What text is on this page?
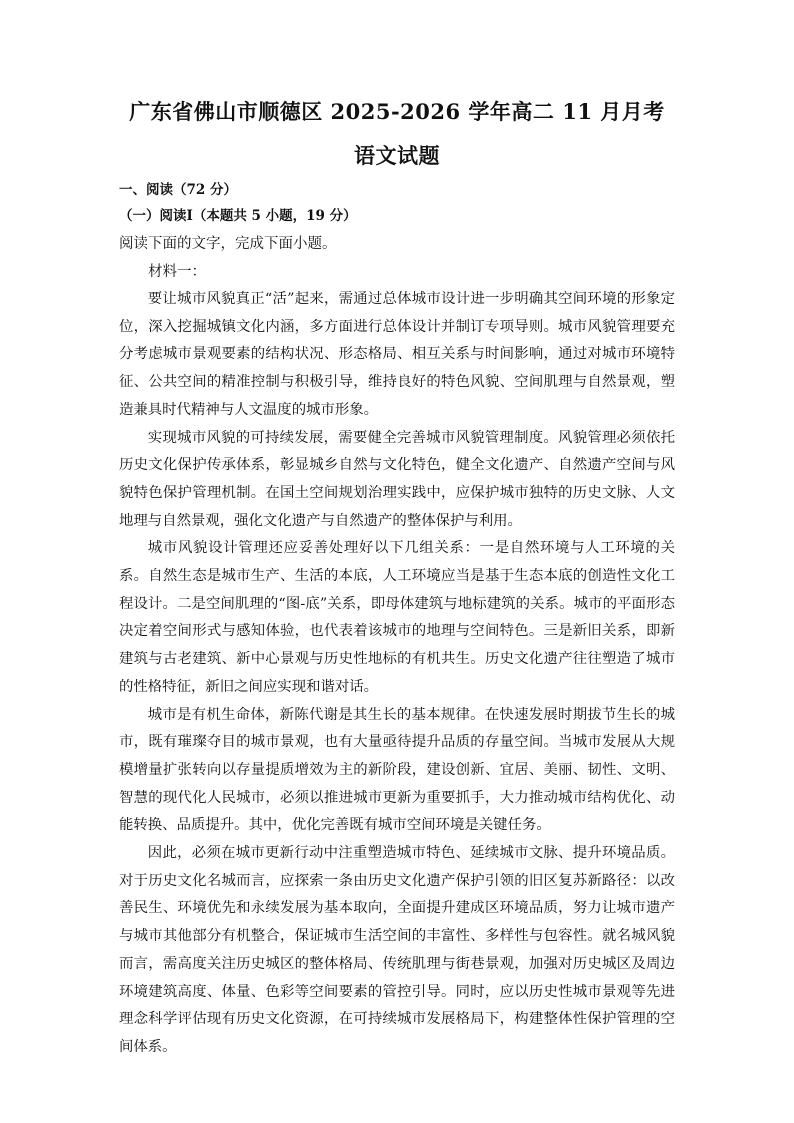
广东省佛山市顺德区 2025-2026 学年高二 11 月月考
语文试题
一、阅读（72 分）
（一）阅读Ⅰ（本题共 5 小题，19 分）
阅读下面的文字，完成下面小题。
材料一：

要让城市风貌真正“活”起来，需通过总体城市设计进一步明确其空间环境的形象定位，深入挖掘城镇文化内涵，多方面进行总体设计并制订专项导则。城市风貌管理要充分考虑城市景观要素的结构状况、形态格局、相互关系与时间影响，通过对城市环境特征、公共空间的精准控制与积极引导，维持良好的特色风貌、空间肌理与自然景观，塑造兼具时代精神与人文温度的城市形象。

实现城市风貌的可持续发展，需要健全完善城市风貌管理制度。风貌管理必须依托历史文化保护传承体系，彰显城乡自然与文化特色，健全文化遗产、自然遗产空间与风貌特色保护管理机制。在国土空间规划治理实践中，应保护城市独特的历史文脉、人文地理与自然景观，强化文化遗产与自然遗产的整体保护与利用。

城市风貌设计管理还应妥善处理好以下几组关系：一是自然环境与人工环境的关系。自然生态是城市生产、生活的本底，人工环境应当是基于生态本底的创造性文化工程设计。二是空间肌理的“图-底”关系，即母体建筑与地标建筑的关系。城市的平面形态决定着空间形式与感知体验，也代表着该城市的地理与空间特色。三是新旧关系，即新建筑与古老建筑、新中心景观与历史性地标的有机共生。历史文化遗产往往塑造了城市的性格特征，新旧之间应实现和谐对话。

城市是有机生命体，新陈代谢是其生长的基本规律。在快速发展时期拔节生长的城市，既有璀璨夺目的城市景观，也有大量亟待提升品质的存量空间。当城市发展从大规模增量扩张转向以存量提质增效为主的新阶段，建设创新、宜居、美丽、韧性、文明、智慧的现代化人民城市，必须以推进城市更新为重要抓手，大力推动城市结构优化、动能转换、品质提升。其中，优化完善既有城市空间环境是关键任务。

因此，必须在城市更新行动中注重塑造城市特色、延续城市文脉、提升环境品质。对于历史文化名城而言，应探索一条由历史文化遗产保护引领的旧区复苏新路径：以改善民生、环境优先和永续发展为基本取向，全面提升建成区环境品质，努力让城市遗产与城市其他部分有机整合，保证城市生活空间的丰富性、多样性与包容性。就名城风貌而言，需高度关注历史城区的整体格局、传统肌理与街巷景观，加强对历史城区及周边环境建筑高度、体量、色彩等空间要素的管控引导。同时，应以历史性城市景观等先进理念科学评估现有历史文化资源，在可持续城市发展格局下，构建整体性保护管理的空间体系。
